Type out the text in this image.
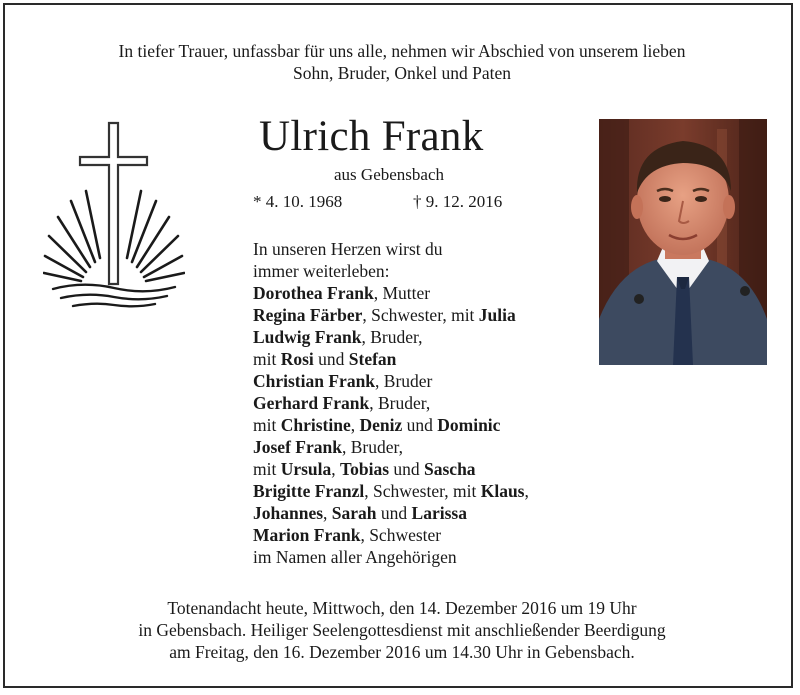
In tiefer Trauer, unfassbar für uns alle, nehmen wir Abschied von unserem lieben
Sohn, Bruder, Onkel und Paten
Ulrich Frank
aus Gebensbach
* 4. 10. 1968	† 9. 12. 2016
In unseren Herzen wirst du
immer weiterleben:
Dorothea Frank, Mutter
Regina Färber, Schwester, mit Julia
Ludwig Frank, Bruder,
mit Rosi und Stefan
Christian Frank, Bruder
Gerhard Frank, Bruder,
mit Christine, Deniz und Dominic
Josef Frank, Bruder,
mit Ursula, Tobias und Sascha
Brigitte Franzl, Schwester, mit Klaus,
Johannes, Sarah und Larissa
Marion Frank, Schwester
im Namen aller Angehörigen
Totenandacht heute, Mittwoch, den 14. Dezember 2016 um 19 Uhr
in Gebensbach. Heiliger Seelengottesdienst mit anschließender Beerdigung
am Freitag, den 16. Dezember 2016 um 14.30 Uhr in Gebensbach.
